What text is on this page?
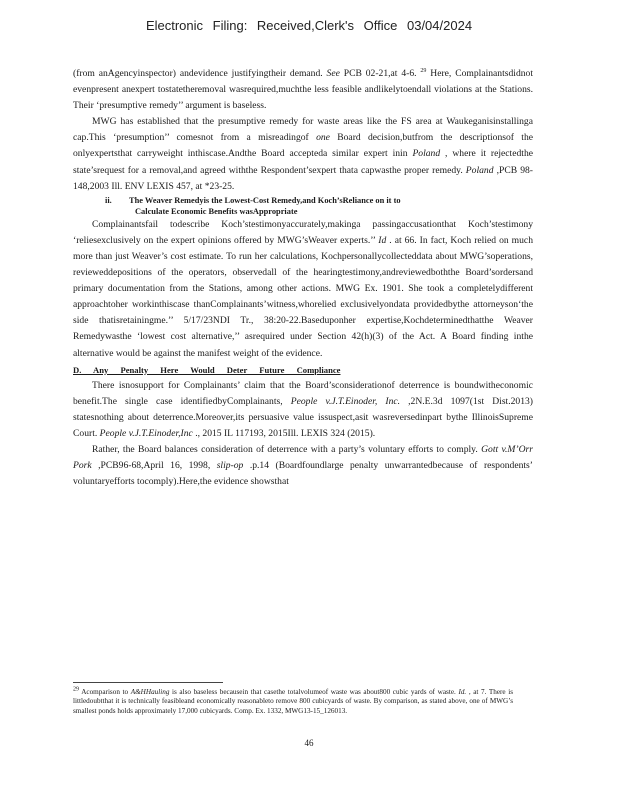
Electronic Filing: Received,Clerk's Office 03/04/2024

(from anAgencyinspector) andevidence justifyingtheir demand. See PCB 02-21,at 4-6. $^{29}$ Here, Complainantsdidnot evenpresent anexpert tostatetheremoval wasrequired,muchthe less feasible andlikelytoendall violations at the Stations. Their ‘presumptive remedy’’ argument is baseless.

MWG has established that the presumptive remedy for waste areas like the FS area at Waukeganisinstallinga cap.This ‘presumption’’ comesnot from a misreadingof one Board decision,butfrom the descriptionsof the onlyexpertsthat carryweight inthiscase.Andthe Board accepteda similar expert inin Poland , where it rejectedthe state’srequest for a removal,and agreed withthe Respondent’sexpert thata capwasthe proper remedy. Poland ,PCB 98-148,2003 Ill. ENV LEXIS 457, at *23-25.

ii. The Weaver Remedyis the Lowest-Cost Remedy,and Koch’sReliance on it to
Calculate Economic Benefits wasAppropriate

Complainantsfail todescribe Koch’stestimonyaccurately,makinga passingaccusationthat Koch’stestimony ‘reliesexclusively on the expert opinions offered by MWG’sWeaver experts.’’ Id . at 66. In fact, Koch relied on much more than just Weaver’s cost estimate. To run her calculations, Kochpersonallycollecteddata about MWG’soperations, revieweddepositions of the operators, observedall of the hearingtestimony,andreviewedboththe Board’sordersand primary documentation from the Stations, among other actions. MWG Ex. 1901. She took a completelydifferent approachtoher workinthiscase thanComplainants’witness,whorelied exclusivelyondata providedbythe attorneyson‘the side thatisretainingme.’’ 5/17/23NDI Tr., 38:20-22.Baseduponher expertise,Kochdeterminedthatthe Weaver Remedywasthe ‘lowest cost alternative,’’ asrequired under Section 42(h)(3) of the Act. A Board finding inthe alternative would be against the manifest weight of the evidence.

D. Any Penalty Here Would Deter Future Compliance

There isnosupport for Complainants’ claim that the Board’sconsiderationof deterrence is boundwitheconomic benefit.The single case identifiedbyComplainants, People v.J.T.Einoder, Inc. ,2N.E.3d 1097(1st Dist.2013) statesnothing about deterrence.Moreover,its persuasive value issuspect,asit wasreversedinpart bythe IllinoisSupreme Court. People v.J.T.Einoder,Inc ., 2015 IL 117193, 2015Ill. LEXIS 324 (2015).

Rather, the Board balances consideration of deterrence with a party’s voluntary efforts to comply. Gott v.M’Orr Pork ,PCB96-68,April 16, 1998, slip-op .p.14 (Boardfoundlarge penalty unwarrantedbecause of respondents’ voluntaryefforts tocomply).Here,the evidence showsthat

$^{29}$ Acomparison to A&HHauling is also baseless becausein that casethe totalvolumeof waste was about800 cubic yards of waste. Id. , at 7. There is littledoubtthat it is technically feasibleand economically reasonableto remove 800 cubicyards of waste. By comparison, as stated above, one of MWG’s smallest ponds holds approximately 17,000 cubicyards. Comp. Ex. 1332, MWG13-15_126013.
46
